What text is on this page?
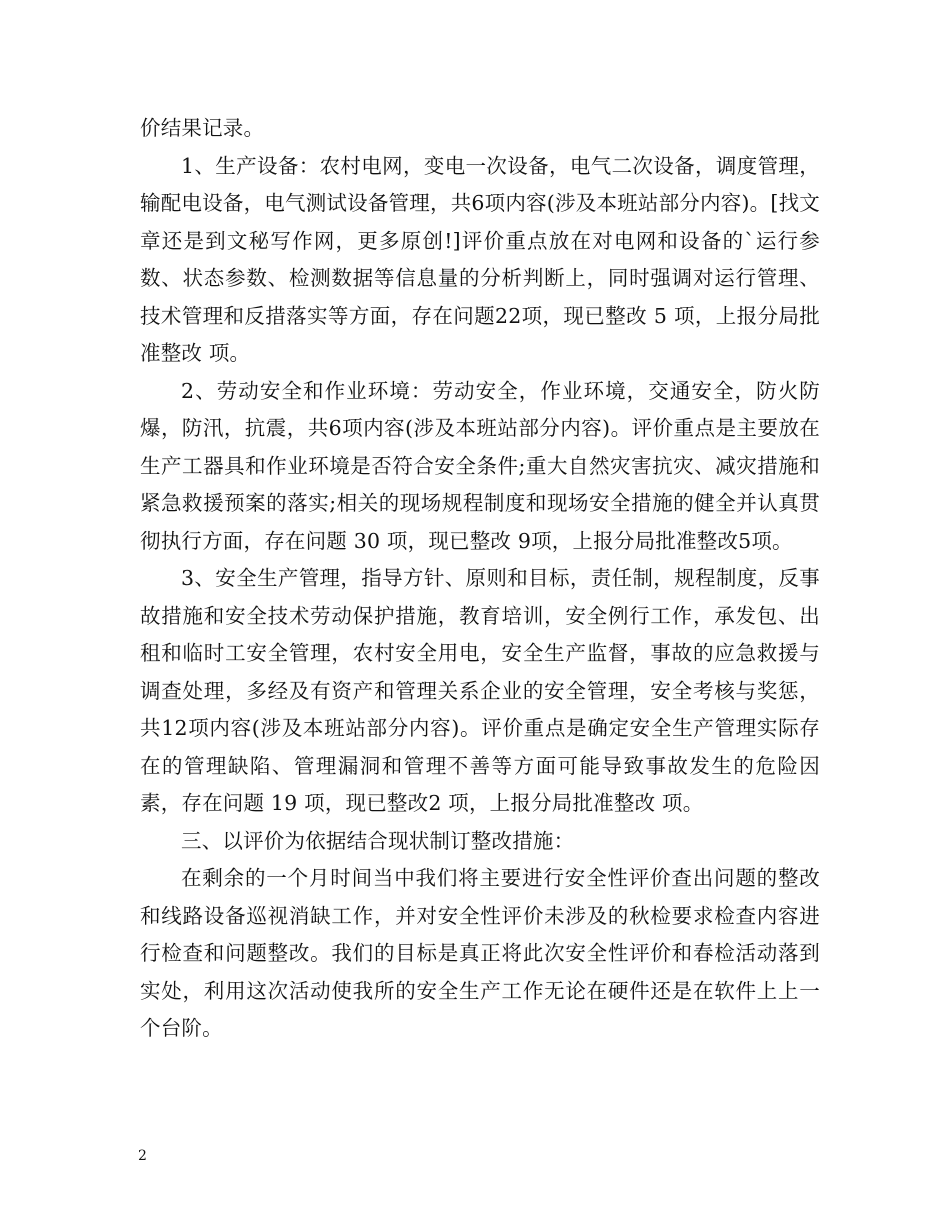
价结果记录。

1、生产设备：农村电网，变电一次设备，电气二次设备，调度管理，输配电设备，电气测试设备管理，共6项内容(涉及本班站部分内容)。[找文章还是到文秘写作网，更多原创!]评价重点放在对电网和设备的`运行参数、状态参数、检测数据等信息量的分析判断上，同时强调对运行管理、技术管理和反措落实等方面，存在问题22项，现已整改 5 项，上报分局批准整改 项。

2、劳动安全和作业环境：劳动安全，作业环境，交通安全，防火防爆，防汛，抗震，共6项内容(涉及本班站部分内容)。评价重点是主要放在生产工器具和作业环境是否符合安全条件;重大自然灾害抗灾、减灾措施和紧急救援预案的落实;相关的现场规程制度和现场安全措施的健全并认真贯彻执行方面，存在问题 30 项，现已整改 9项，上报分局批准整改5项。

3、安全生产管理，指导方针、原则和目标，责任制，规程制度，反事故措施和安全技术劳动保护措施，教育培训，安全例行工作，承发包、出租和临时工安全管理，农村安全用电，安全生产监督，事故的应急救援与调查处理，多经及有资产和管理关系企业的安全管理，安全考核与奖惩，共12项内容(涉及本班站部分内容)。评价重点是确定安全生产管理实际存在的管理缺陷、管理漏洞和管理不善等方面可能导致事故发生的危险因素，存在问题 19 项，现已整改2 项，上报分局批准整改 项。

三、以评价为依据结合现状制订整改措施：

在剩余的一个月时间当中我们将主要进行安全性评价查出问题的整改和线路设备巡视消缺工作，并对安全性评价未涉及的秋检要求检查内容进行检查和问题整改。我们的目标是真正将此次安全性评价和春检活动落到实处，利用这次活动使我所的安全生产工作无论在硬件还是在软件上上一个台阶。

2
